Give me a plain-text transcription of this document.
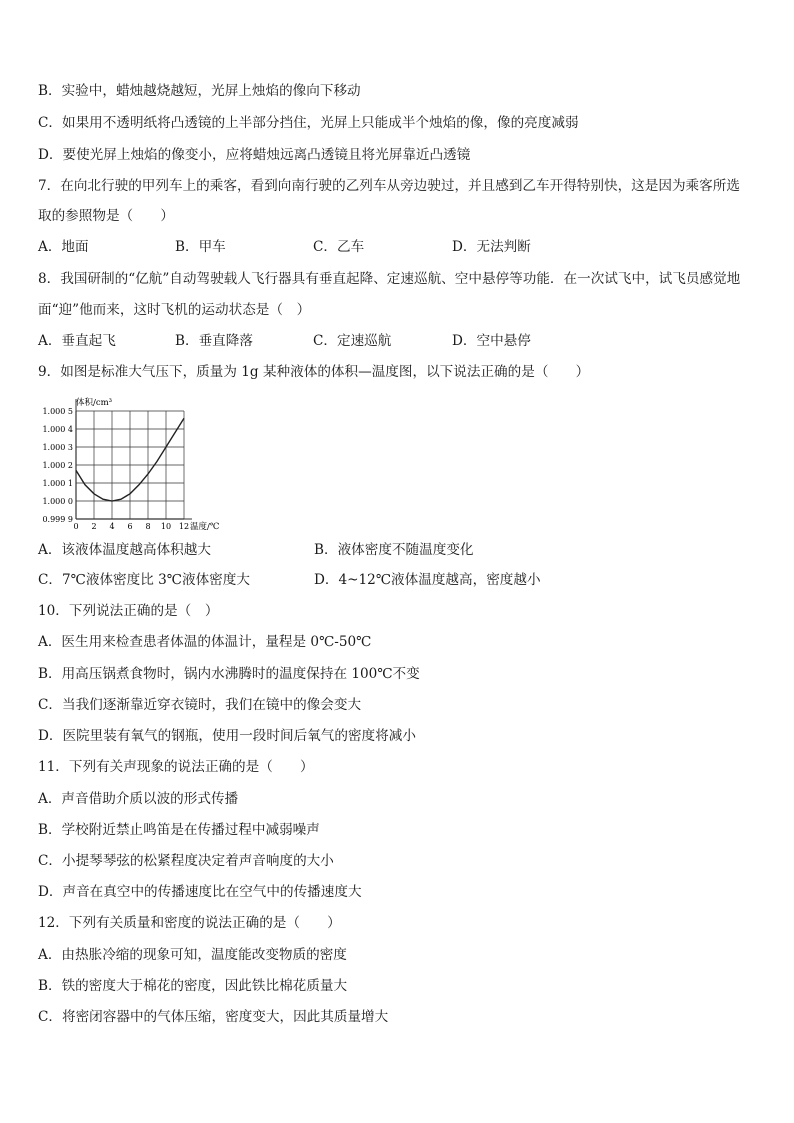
B．实验中，蜡烛越烧越短，光屏上烛焰的像向下移动
C．如果用不透明纸将凸透镜的上半部分挡住，光屏上只能成半个烛焰的像，像的亮度减弱
D．要使光屏上烛焰的像变小，应将蜡烛远离凸透镜且将光屏靠近凸透镜
7．在向北行驶的甲列车上的乘客，看到向南行驶的乙列车从旁边驶过，并且感到乙车开得特别快，这是因为乘客所选
取的参照物是（　　）
A．地面	B．甲车	C．乙车	D．无法判断
8．我国研制的“亿航”自动驾驶载人飞行器具有垂直起降、定速巡航、空中悬停等功能．在一次试飞中，试飞员感觉地
面“迎”他而来，这时飞机的运动状态是（　）
A．垂直起飞	B．垂直降落	C．定速巡航	D．空中悬停
9．如图是标准大气压下，质量为 1g 某种液体的体积—温度图，以下说法正确的是（　　）
体积/cm³
温度/℃
1.000 5
1.000 4
1.000 3
1.000 2
1.000 1
1.000 0
0.999 9
0 2 4 6 8 10 12
A．该液体温度越高体积越大	B．液体密度不随温度变化
C．7℃液体密度比 3℃液体密度大	D．4~12℃液体温度越高，密度越小
10．下列说法正确的是（　）
A．医生用来检查患者体温的体温计，量程是 0℃-50℃
B．用高压锅煮食物时，锅内水沸腾时的温度保持在 100℃不变
C．当我们逐渐靠近穿衣镜时，我们在镜中的像会变大
D．医院里装有氧气的钢瓶，使用一段时间后氧气的密度将减小
11．下列有关声现象的说法正确的是（　　）
A．声音借助介质以波的形式传播
B．学校附近禁止鸣笛是在传播过程中减弱噪声
C．小提琴琴弦的松紧程度决定着声音响度的大小
D．声音在真空中的传播速度比在空气中的传播速度大
12．下列有关质量和密度的说法正确的是（　　）
A．由热胀冷缩的现象可知，温度能改变物质的密度
B．铁的密度大于棉花的密度，因此铁比棉花质量大
C．将密闭容器中的气体压缩，密度变大，因此其质量增大
